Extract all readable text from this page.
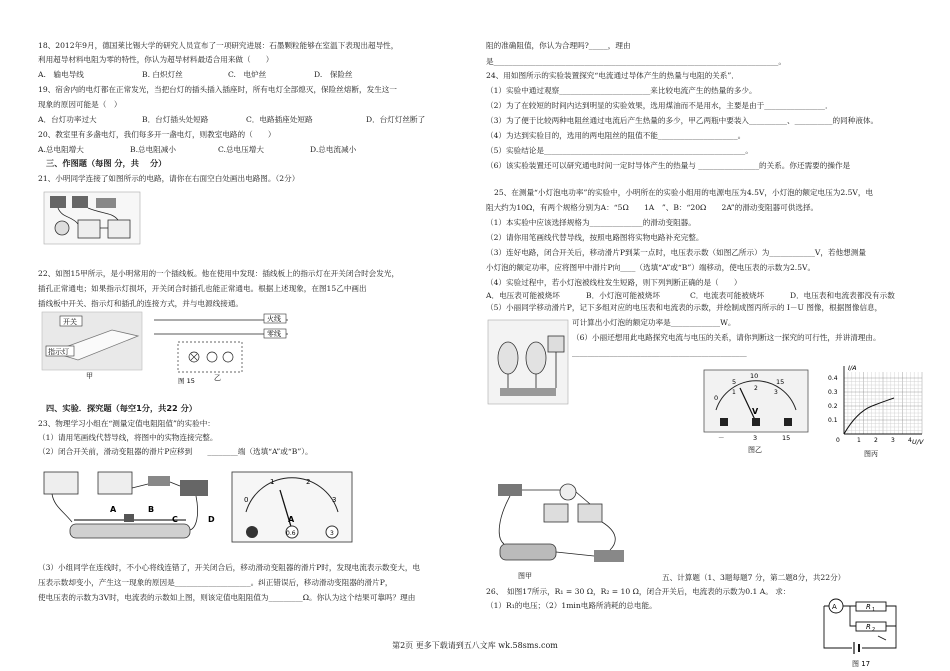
18、2012年9月，德国莱比锡大学的研究人员宣布了一项研究进展：石墨颗粒能够在室温下表现出超导性，
利用超导材料电阻为零的特性，你认为超导材料最适合用来做（　　）
A.　输电导线	B. 白炽灯丝	C.　电炉丝	D.　保险丝
19、宿舍内的电灯都在正常发光，当把台灯的插头插入插座时，所有电灯全部熄灭，保险丝熔断，发生这一
现象的原因可能是（　）
A．台灯功率过大	B．台灯插头处短路	C．电路插座处短路	D．台灯灯丝断了
20、教室里有多盏电灯，我们每多开一盏电灯，则教室电路的（　　）
A.总电阻增大	B.总电阻减小	C.总电压增大	D.总电流减小
三、作图题（每图 分，共　 分）
21、小明同学连接了如图所示的电路，请你在右面空白处画出电路图。（2分）
22、如图15甲所示，是小明常用的一个插线板。他在使用中发现：插线板上的指示灯在开关闭合时会发光，
插孔正常通电；如果指示灯损坏，开关闭合时插孔也能正常通电。根据上述现象，在图15乙中画出
插线板中开关、指示灯和插孔的连接方式，并与电源线接通。
开关
指示灯
甲
火线
零线
乙
图 15
四、实验．探究题（每空1分，共22 分）
23、物理学习小组在“测量定值电阻阻值”的实验中：
（1）请用笔画线代替导线，将图中的实物连接完整。
（2）闭合开关前，滑动变阻器的滑片P应移到　　________端（选填“A”或“B”）。
A	B
C	D
0
1	2
3
A
0.6	3
（3）小组同学在连线时，不小心将线连错了，开关闭合后，移动滑动变阻器的滑片P时，发现电流表示数变大，电
压表示数却变小，产生这一现象的原因是____________________。纠正错误后，移动滑动变阻器的滑片P，
使电压表的示数为3V时，电流表的示数如上图，则该定值电阻阻值为_________Ω。你认为这个结果可靠吗？理由
阻的准确阻值，你认为合理吗?_____，理由
是___________________________________________________________________________。
24、用如图所示的实验装置探究“电流通过导体产生的热量与电阻的关系”．
（1）实验中通过观察________________________来比较电流产生的热量的多少。
（2）为了在较短的时间内达到明显的实验效果，选用煤油而不是用水，主要是由于________________．
（3）为了便于比较两种电阻丝通过电流后产生热量的多少，甲乙两瓶中要装入__________、__________的同种液体。
（4）为达到实验目的，选用的两电阻丝的阻值不能_____________________。
（5）实验结论是_____________________________________________________。
（6）该实验装置还可以研究通电时间一定时导体产生的热量与 ________________的关系。你还需要的操作是
25、在测量“小灯泡电功率”的实验中，小明所在的实验小组用的电源电压为4.5V，小灯泡的额定电压为2.5V，电
阻大约为10Ω，有两个规格分别为A：“5Ω　　1A　”、B：“20Ω　　2A”的滑动变阻器可供选择。
（1）本实验中应该选择规格为______________的滑动变阻器。
（2）请你用笔画线代替导线，按照电路图将实物电路补充完整。
（3）连好电路，闭合开关后，移动滑片P到某一点时，电压表示数（如图乙所示）为____________V，若他想测量
小灯泡的额定功率，应将图甲中滑片P向____（选填“A”或“B”）端移动，使电压表的示数为2.5V。
（4）实验过程中，若小灯泡被线柱发生短路，则下列判断正确的是（　　）
A．电压表可能被烧坏	B．小灯泡可能被烧坏	C．电流表可能被烧坏	D．电压表和电流表都没有示数
（5）小丽同学移动滑片P，记下多组对应的电压表和电流表的示数，并绘制成图丙所示的 I－U 图像，根据图像信息，
可计算出小灯泡的额定功率是_____________W。
（6）小丽还想用此电路探究电流与电压的关系，请你判断这一探究的可行性，并讲清理由。
______________________________________________
0
5
10
15
1
2
3
V
－	3	15
图乙
I/A
U/V
0.1
0.2
0.3
0.4
0	1 2 3 4
图丙
图甲	五、计算题（1、3题每题7 分，第二题8分，共22分）
26、　如图17所示，R₁ = 30 Ω，R₂ = 10 Ω，闭合开关后，电流表的示数为0.1 A。 求：
（1）R₁的电压；（2）1min电路所消耗的总电能。	A	R 1
R 2
图 17
第2页 更多下载请到五八文库 wk.58sms.com
